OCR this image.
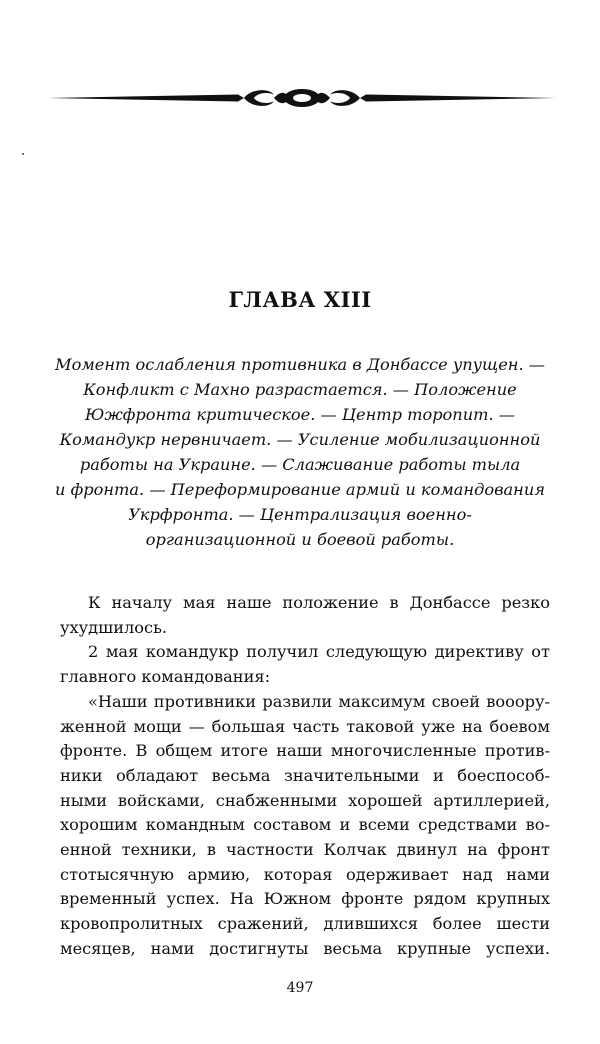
ГЛАВА XIII
Момент ослабления противника в Донбассе упущен. —
Конфликт с Махно разрастается. — Положение
Южфронта критическое. — Центр торопит. —
Командукр нервничает. — Усиление мобилизационной
работы на Украине. — Слаживание работы тыла
и фронта. — Переформирование армий и командования
Укрфронта. — Централизация военно-
организационной и боевой работы.
К началу мая наше положение в Донбассе резко
ухудшилось.
2 мая командукр получил следующую директиву от
главного командования:
«Наши противники развили максимум своей вооору-
женной мощи — большая часть таковой уже на боевом
фронте. В общем итоге наши многочисленные против-
ники обладают весьма значительными и боеспособ-
ными войсками, снабженными хорошей артиллерией,
хорошим командным составом и всеми средствами во-
енной техники, в частности Колчак двинул на фронт
стотысячную армию, которая одерживает над нами
временный успех. На Южном фронте рядом крупных
кровопролитных сражений, длившихся более шести
месяцев, нами достигнуты весьма крупные успехи.
497
